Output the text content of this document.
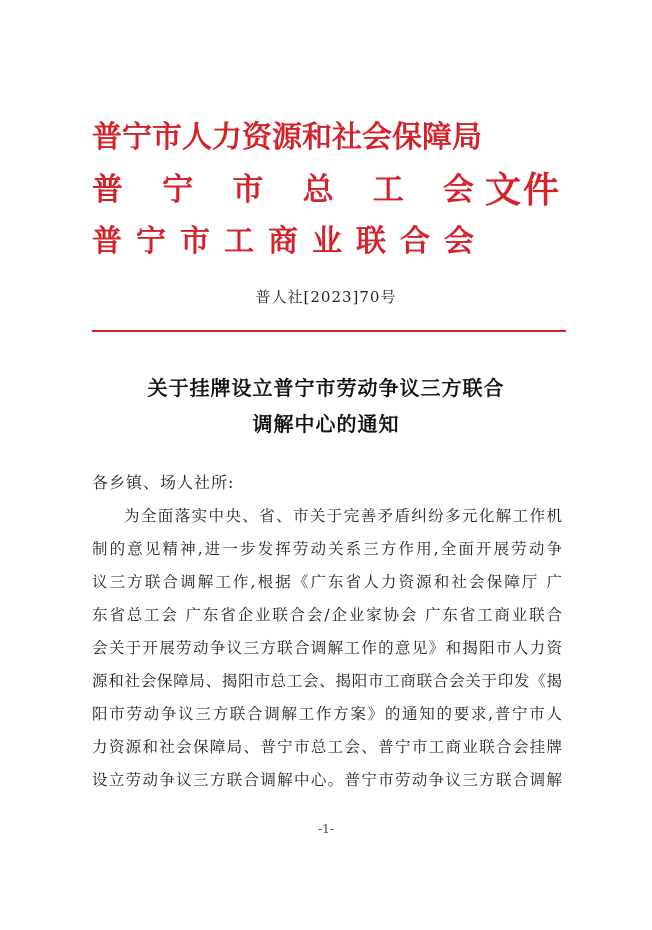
普宁市人力资源和社会保障局
普 宁 市 总 工 会
普 宁 市 工 商 业 联 合 会
文件
普人社[2023]70号
关于挂牌设立普宁市劳动争议三方联合
调解中心的通知
各乡镇、场人社所:
为全面落实中央、省、市关于完善矛盾纠纷多元化解工作机
制的意见精神,进一步发挥劳动关系三方作用,全面开展劳动争
议三方联合调解工作,根据《广东省人力资源和社会保障厅 广
东省总工会 广东省企业联合会/企业家协会 广东省工商业联合
会关于开展劳动争议三方联合调解工作的意见》和揭阳市人力资
源和社会保障局、揭阳市总工会、揭阳市工商联合会关于印发《揭
阳市劳动争议三方联合调解工作方案》的通知的要求,普宁市人
力资源和社会保障局、普宁市总工会、普宁市工商业联合会挂牌
设立劳动争议三方联合调解中心。普宁市劳动争议三方联合调解
-1-
